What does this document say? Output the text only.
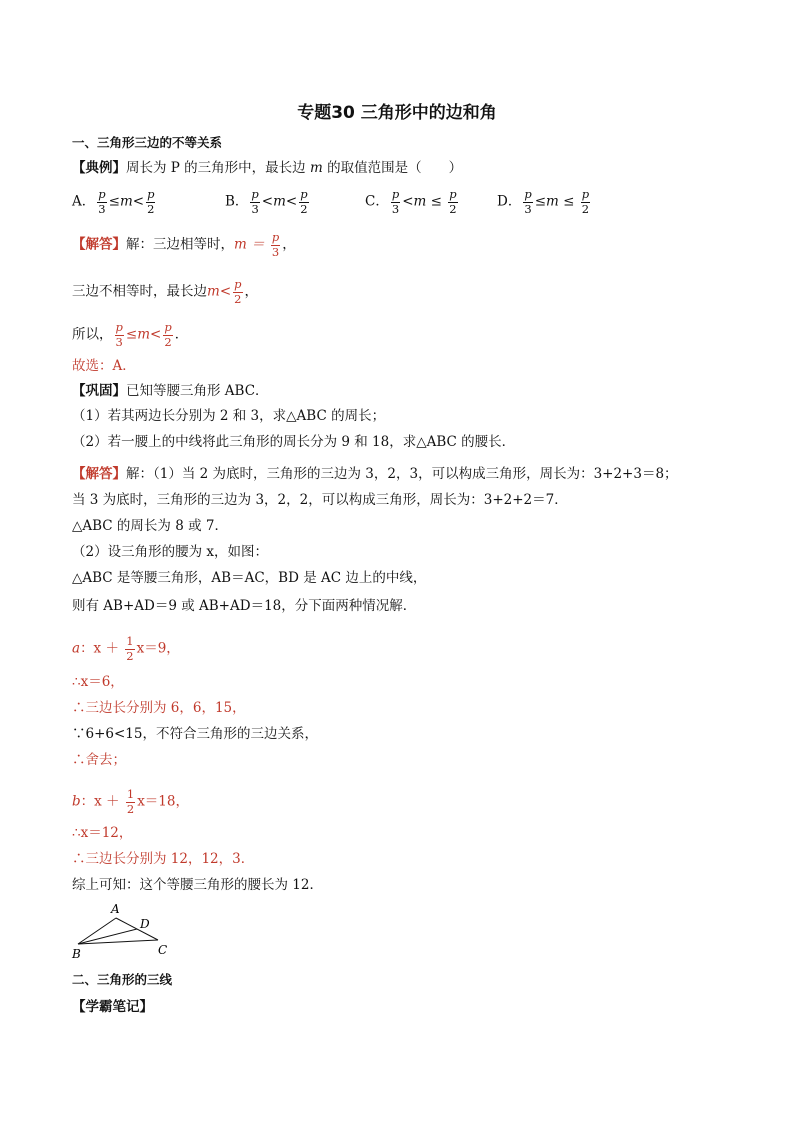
专题30 三角形中的边和角
一、三角形三边的不等关系
【典例】周长为 P 的三角形中，最长边 m 的取值范围是（　　）
A． $\frac{p}{3} \le m< \frac{p}{2}$	B． $\frac{p}{3} <m< \frac{p}{2}$	C． $\frac{p}{3} <m \le \frac{p}{2}$	D． $\frac{p}{3} \le m \le \frac{p}{2}$
【解答】解：三边相等时，$m = \frac{p}{3}$ ，
三边不相等时，最长边$m< \frac{p}{2}$ ，
所以， $\frac{p}{3} \le m< \frac{p}{2}$ ．
故选：A．
【巩固】已知等腰三角形 ABC．
（1）若其两边长分别为 2 和 3，求△ABC 的周长；
（2）若一腰上的中线将此三角形的周长分为 9 和 18，求△ABC 的腰长．
【解答】解：（1）当 2 为底时，三角形的三边为 3，2，3，可以构成三角形，周长为：3+2+3＝8；
当 3 为底时，三角形的三边为 3，2，2，可以构成三角形，周长为：3+2+2＝7．
△ABC 的周长为 8 或 7．
（2）设三角形的腰为 x，如图：
△ABC 是等腰三角形，AB＝AC，BD 是 AC 边上的中线，
则有 AB+AD＝9 或 AB+AD＝18，分下面两种情况解．
a：$x + \frac{1}{2} x=9$，
∴x＝6，
∴三边长分别为 6，6，15，
∵6+6<15，不符合三角形的三边关系，
∴舍去；
b：$x + \frac{1}{2} x=18$，
∴x＝12，
∴三边长分别为 12，12，3．
综上可知：这个等腰三角形的腰长为 12．
A
D
B	C
二、三角形的三线
【学霸笔记】
